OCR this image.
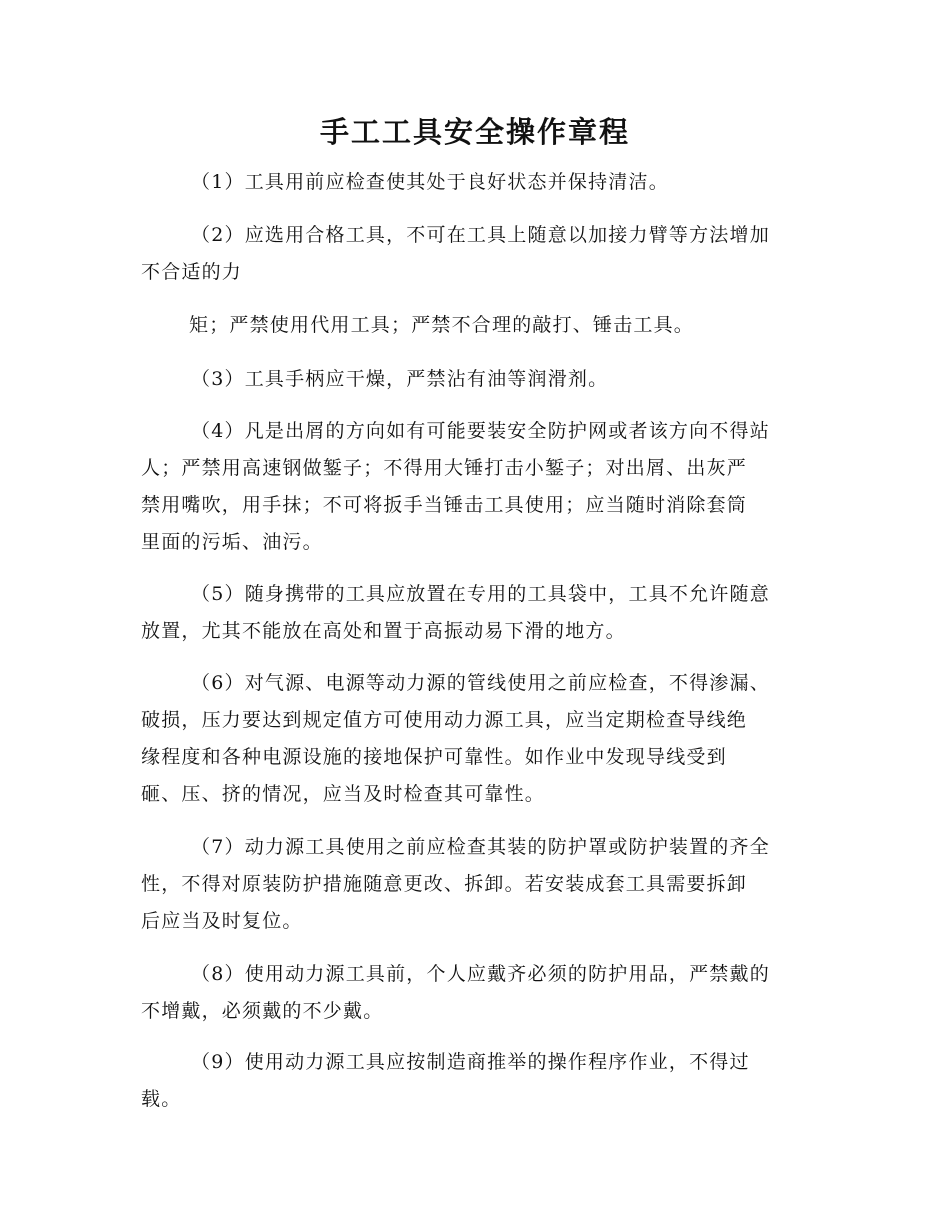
手工工具安全操作章程
（1）工具用前应检查使其处于良好状态并保持清洁。
（2）应选用合格工具，不可在工具上随意以加接力臂等方法增加
不合适的力
矩；严禁使用代用工具；严禁不合理的敲打、锤击工具。
（3）工具手柄应干燥，严禁沾有油等润滑剂。
（4）凡是出屑的方向如有可能要装安全防护网或者该方向不得站
人；严禁用高速钢做錾子；不得用大锤打击小錾子；对出屑、出灰严
禁用嘴吹，用手抹；不可将扳手当锤击工具使用；应当随时消除套筒
里面的污垢、油污。
（5）随身携带的工具应放置在专用的工具袋中，工具不允许随意
放置，尤其不能放在高处和置于高振动易下滑的地方。
（6）对气源、电源等动力源的管线使用之前应检查，不得渗漏、
破损，压力要达到规定值方可使用动力源工具，应当定期检查导线绝
缘程度和各种电源设施的接地保护可靠性。如作业中发现导线受到
砸、压、挤的情况，应当及时检查其可靠性。
（7）动力源工具使用之前应检查其装的防护罩或防护装置的齐全
性，不得对原装防护措施随意更改、拆卸。若安装成套工具需要拆卸
后应当及时复位。
（8）使用动力源工具前，个人应戴齐必须的防护用品，严禁戴的
不增戴，必须戴的不少戴。
（9）使用动力源工具应按制造商推举的操作程序作业，不得过
载。
